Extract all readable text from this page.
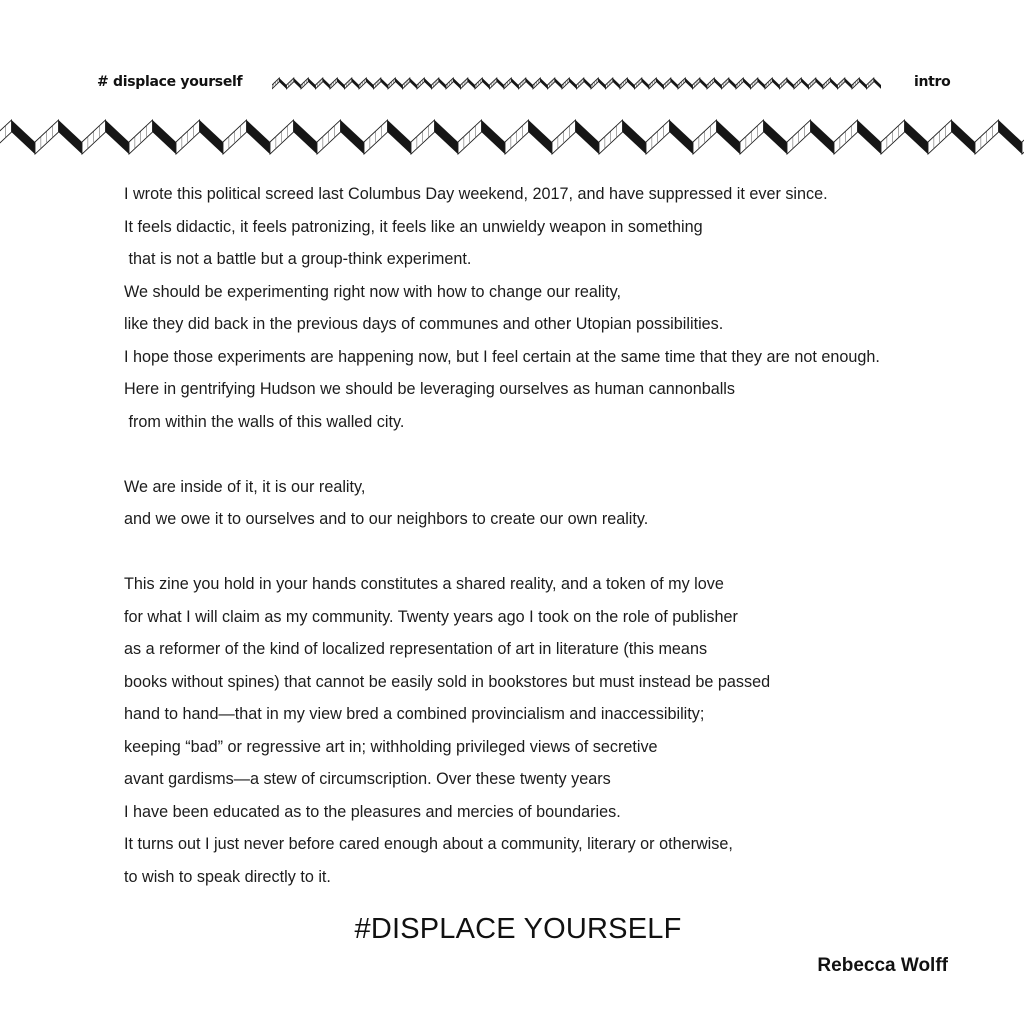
# displace yourself	intro

I wrote this political screed last Columbus Day weekend, 2017, and have suppressed it ever since.

It feels didactic, it feels patronizing, it feels like an unwieldy weapon in something

that is not a battle but a group-think experiment.

We should be experimenting right now with how to change our reality,

like they did back in the previous days of communes and other Utopian possibilities.

I hope those experiments are happening now, but I feel certain at the same time that they are not enough.

Here in gentrifying Hudson we should be leveraging ourselves as human cannonballs

from within the walls of this walled city.

We are inside of it, it is our reality,

and we owe it to ourselves and to our neighbors to create our own reality.

This zine you hold in your hands constitutes a shared reality, and a token of my love

for what I will claim as my community. Twenty years ago I took on the role of publisher

as a reformer of the kind of localized representation of art in literature (this means

books without spines) that cannot be easily sold in bookstores but must instead be passed

hand to hand—that in my view bred a combined provincialism and inaccessibility;

keeping “bad” or regressive art in; withholding privileged views of secretive

avant gardisms—a stew of circumscription. Over these twenty years

I have been educated as to the pleasures and mercies of boundaries.

It turns out I just never before cared enough about a community, literary or otherwise,

to wish to speak directly to it.

#DISPLACE YOURSELF
Rebecca Wolff
